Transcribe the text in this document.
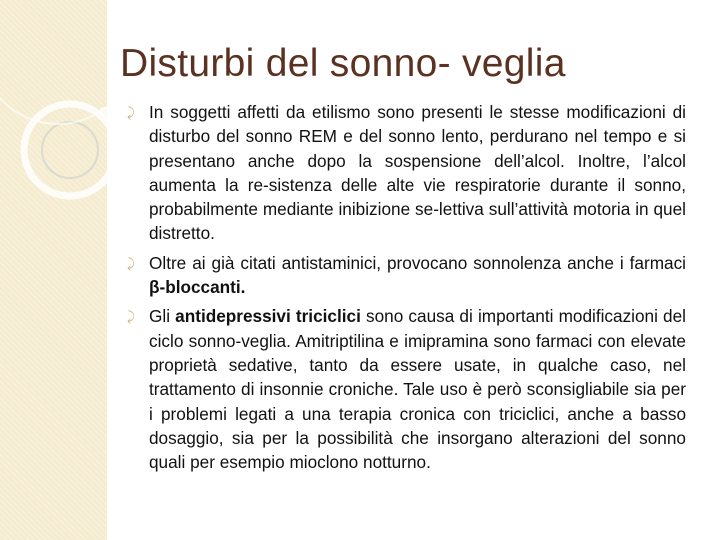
Disturbi del sonno- veglia
⤸ In soggetti affetti da etilismo sono presenti le stesse modificazioni di disturbo del sonno REM e del sonno lento, perdurano nel tempo e si presentano anche dopo la sospensione dell’alcol. Inoltre, l’alcol aumenta la re-sistenza delle alte vie respiratorie durante il sonno, probabilmente mediante inibizione se-lettiva sull’attività motoria in quel distretto.
⤸ Oltre ai già citati antistaminici, provocano sonnolenza anche i farmaci β-bloccanti.
⤸ Gli antidepressivi triciclici sono causa di importanti modificazioni del ciclo sonno-veglia. Amitriptilina e imipramina sono farmaci con elevate proprietà sedative, tanto da essere usate, in qualche caso, nel trattamento di insonnie croniche. Tale uso è però sconsigliabile sia per i problemi legati a una terapia cronica con triciclici, anche a basso dosaggio, sia per la possibilità che insorgano alterazioni del sonno quali per esempio mioclono notturno.
